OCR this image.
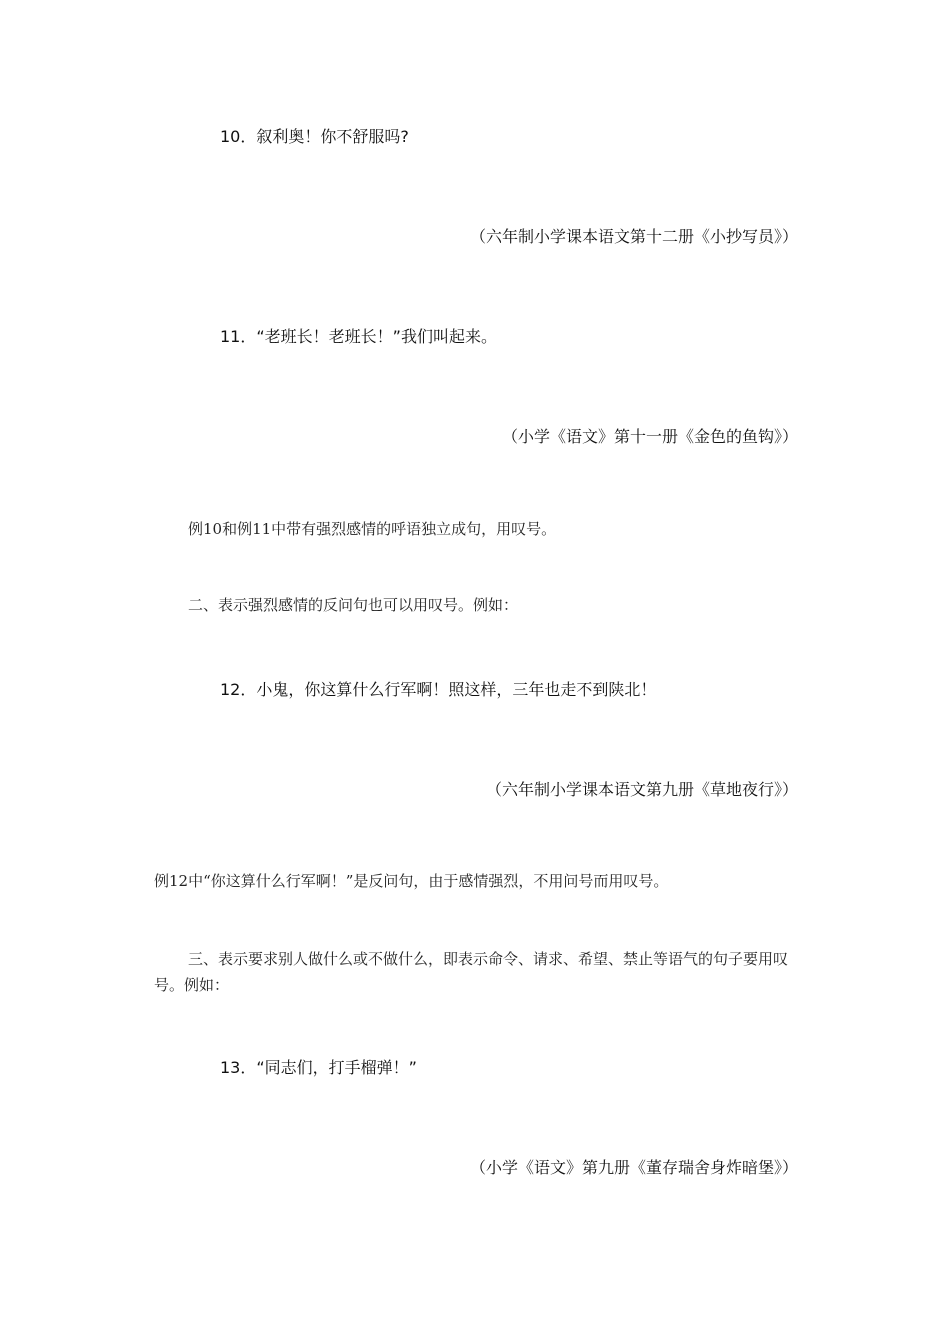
10．叙利奥！你不舒服吗?
（六年制小学课本语文第十二册《小抄写员》）
11．“老班长！老班长！”我们叫起来。
（小学《语文》第十一册《金色的鱼钩》）
例10和例11中带有强烈感情的呼语独立成句，用叹号。
二、表示强烈感情的反问句也可以用叹号。例如：
12．小鬼，你这算什么行军啊！照这样，三年也走不到陕北！
（六年制小学课本语文第九册《草地夜行》）
例12中“你这算什么行军啊！”是反问句，由于感情强烈，不用问号而用叹号。
三、表示要求别人做什么或不做什么，即表示命令、请求、希望、禁止等语气的句子要用叹号。例如：
13．“同志们，打手榴弹！”
（小学《语文》第九册《董存瑞舍身炸暗堡》）
